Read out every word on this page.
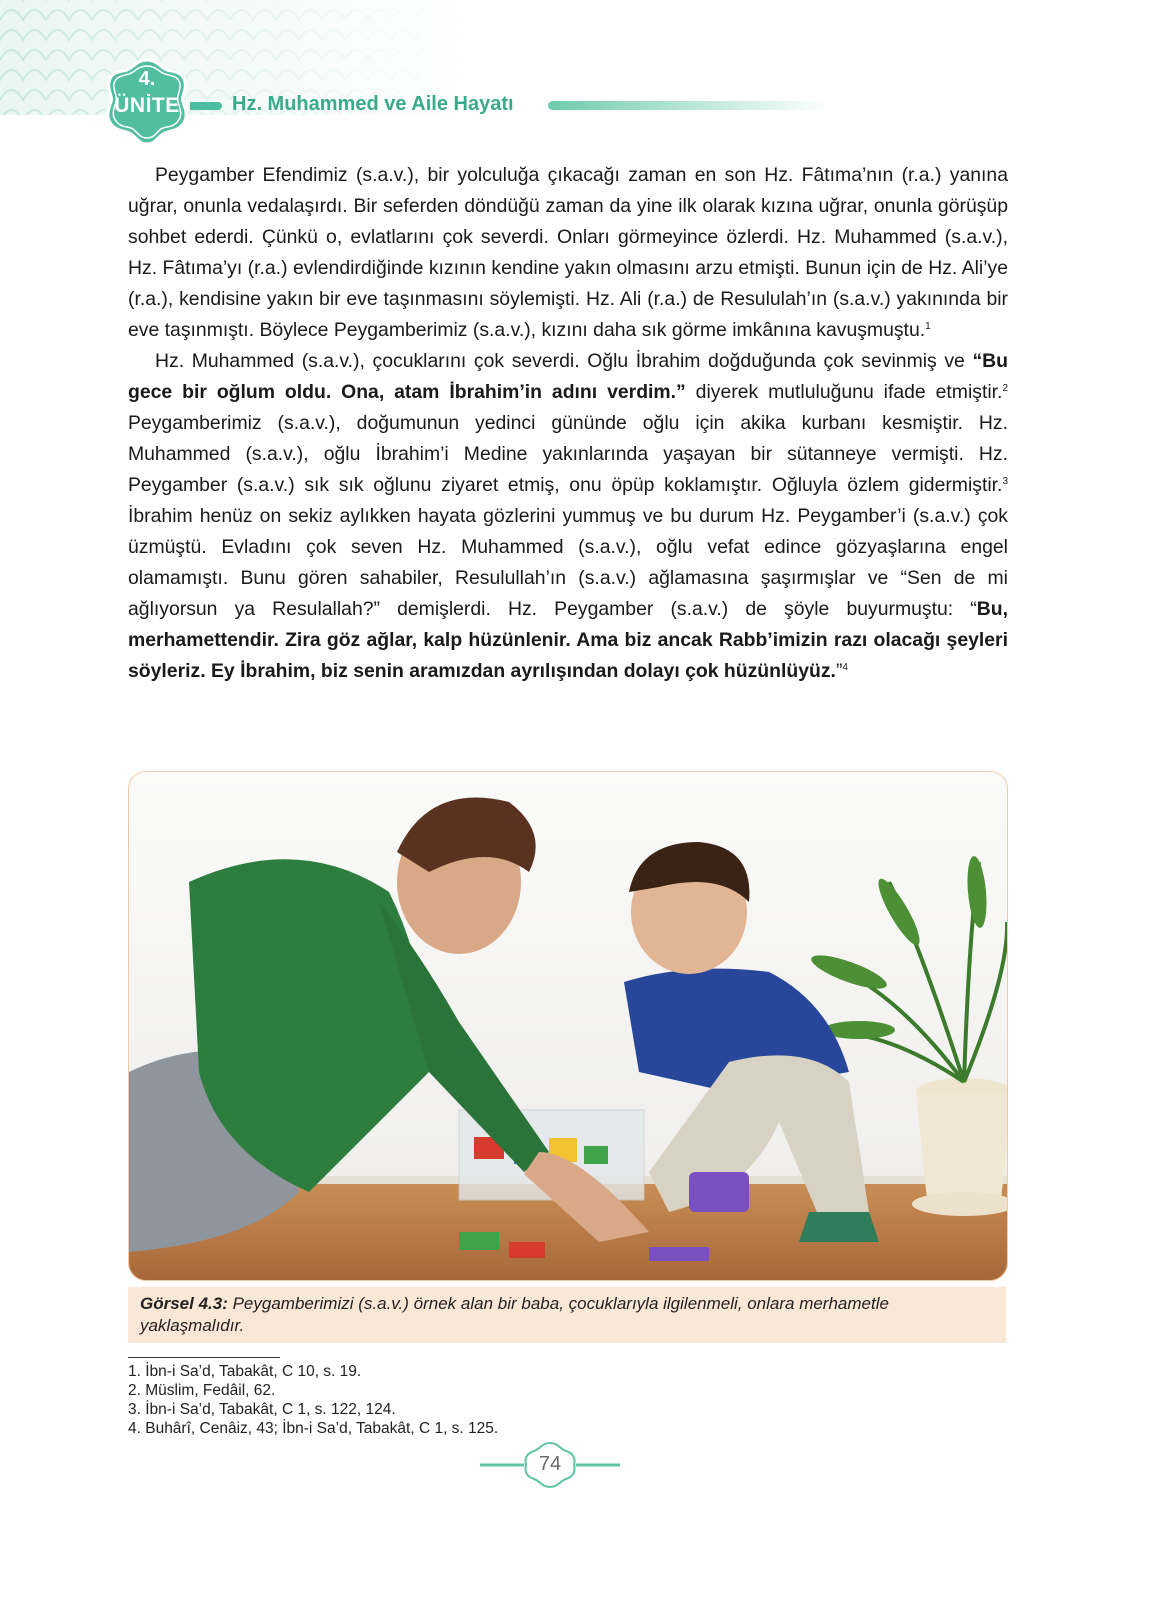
4.
ÜNİTE	Hz. Muhammed ve Aile Hayatı

Peygamber Efendimiz (s.a.v.), bir yolculuğa çıkacağı zaman en son Hz. Fâtıma’nın (r.a.) yanına uğrar, onunla vedalaşırdı. Bir seferden döndüğü zaman da yine ilk olarak kızına uğrar, onunla görüşüp sohbet ederdi. Çünkü o, evlatlarını çok severdi. Onları görmeyince özlerdi. Hz. Muhammed (s.a.v.), Hz. Fâtıma’yı (r.a.) evlendirdiğinde kızının kendine yakın olmasını arzu etmişti. Bunun için de Hz. Ali’ye (r.a.), kendisine yakın bir eve taşınmasını söylemişti. Hz. Ali (r.a.) de Resululah’ın (s.a.v.) yakınında bir eve taşınmıştı. Böylece Peygamberimiz (s.a.v.), kızını daha sık görme imkânına kavuşmuştu.$^1$

Hz. Muhammed (s.a.v.), çocuklarını çok severdi. Oğlu İbrahim doğduğunda çok sevinmiş ve “Bu gece bir oğlum oldu. Ona, atam İbrahim’in adını verdim.” diyerek mutluluğunu ifade etmiştir.$^2$ Peygamberimiz (s.a.v.), doğumunun yedinci gününde oğlu için akika kurbanı kesmiştir. Hz. Muhammed (s.a.v.), oğlu İbrahim’i Medine yakınlarında yaşayan bir sütanneye vermişti. Hz. Peygamber (s.a.v.) sık sık oğlunu ziyaret etmiş, onu öpüp koklamıştır. Oğluyla özlem gidermiştir.$^3$ İbrahim henüz on sekiz aylıkken hayata gözlerini yummuş ve bu durum Hz. Peygamber’i (s.a.v.) çok üzmüştü. Evladını çok seven Hz. Muhammed (s.a.v.), oğlu vefat edince gözyaşlarına engel olamamıştı. Bunu gören sahabiler, Resulullah’ın (s.a.v.) ağlamasına şaşırmışlar ve “Sen de mi ağlıyorsun ya Resulallah?” demişlerdi. Hz. Peygamber (s.a.v.) de şöyle buyurmuştu: “Bu, merhamettendir. Zira göz ağlar, kalp hüzünlenir. Ama biz ancak Rabb’imizin razı olacağı şeyleri söyleriz. Ey İbrahim, biz senin aramızdan ayrılışından dolayı çok hüzünlüyüz.”$^4$

Görsel 4.3: Peygamberimizi (s.a.v.) örnek alan bir baba, çocuklarıyla ilgilenmeli, onlara merhametle yaklaşmalıdır.
1. İbn-i Sa’d, Tabakât, C 10, s. 19.
2. Müslim, Fedâil, 62.
3. İbn-i Sa’d, Tabakât, C 1, s. 122, 124.
4. Buhârî, Cenâiz, 43; İbn-i Sa’d, Tabakât, C 1, s. 125.
74
